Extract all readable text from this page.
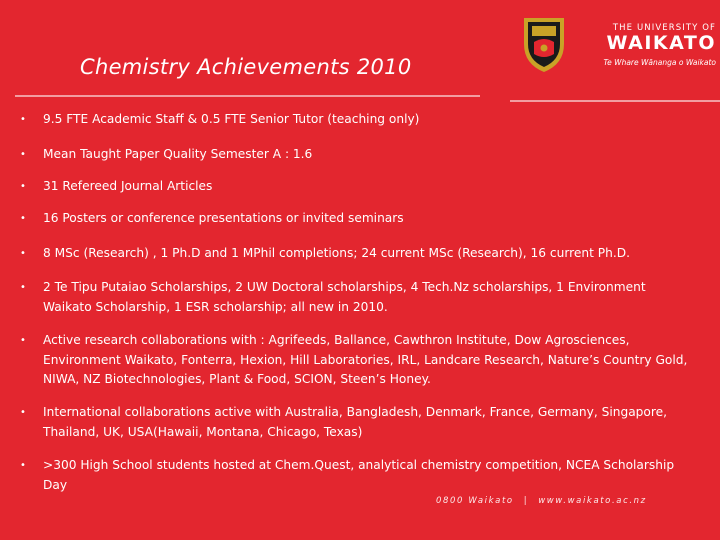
Chemistry Achievements 2010
THE UNIVERSITY OF
WAIKATO
Te Whare Wānanga o Waikato
•	9.5 FTE Academic Staff & 0.5 FTE Senior Tutor (teaching only)
•	Mean Taught Paper Quality Semester A : 1.6
•	31 Refereed Journal Articles
•	16 Posters or conference presentations or invited seminars
•	8 MSc (Research) , 1 Ph.D and 1 MPhil completions; 24 current MSc (Research), 16 current Ph.D.
•	2 Te Tipu Putaiao Scholarships, 2 UW Doctoral scholarships, 4 Tech.Nz scholarships, 1 Environment Waikato Scholarship, 1 ESR scholarship; all new in 2010.
•	Active research collaborations with : Agrifeeds, Ballance, Cawthron Institute, Dow Agrosciences, Environment Waikato, Fonterra, Hexion, Hill Laboratories, IRL, Landcare Research, Nature’s Country Gold, NIWA, NZ Biotechnologies, Plant & Food, SCION, Steen’s Honey.
•	International collaborations active with Australia, Bangladesh, Denmark, France, Germany, Singapore, Thailand, UK, USA(Hawaii, Montana, Chicago, Texas)
•	>300 High School students hosted at Chem.Quest, analytical chemistry competition, NCEA Scholarship Day
0800 Waikato | www.waikato.ac.nz
